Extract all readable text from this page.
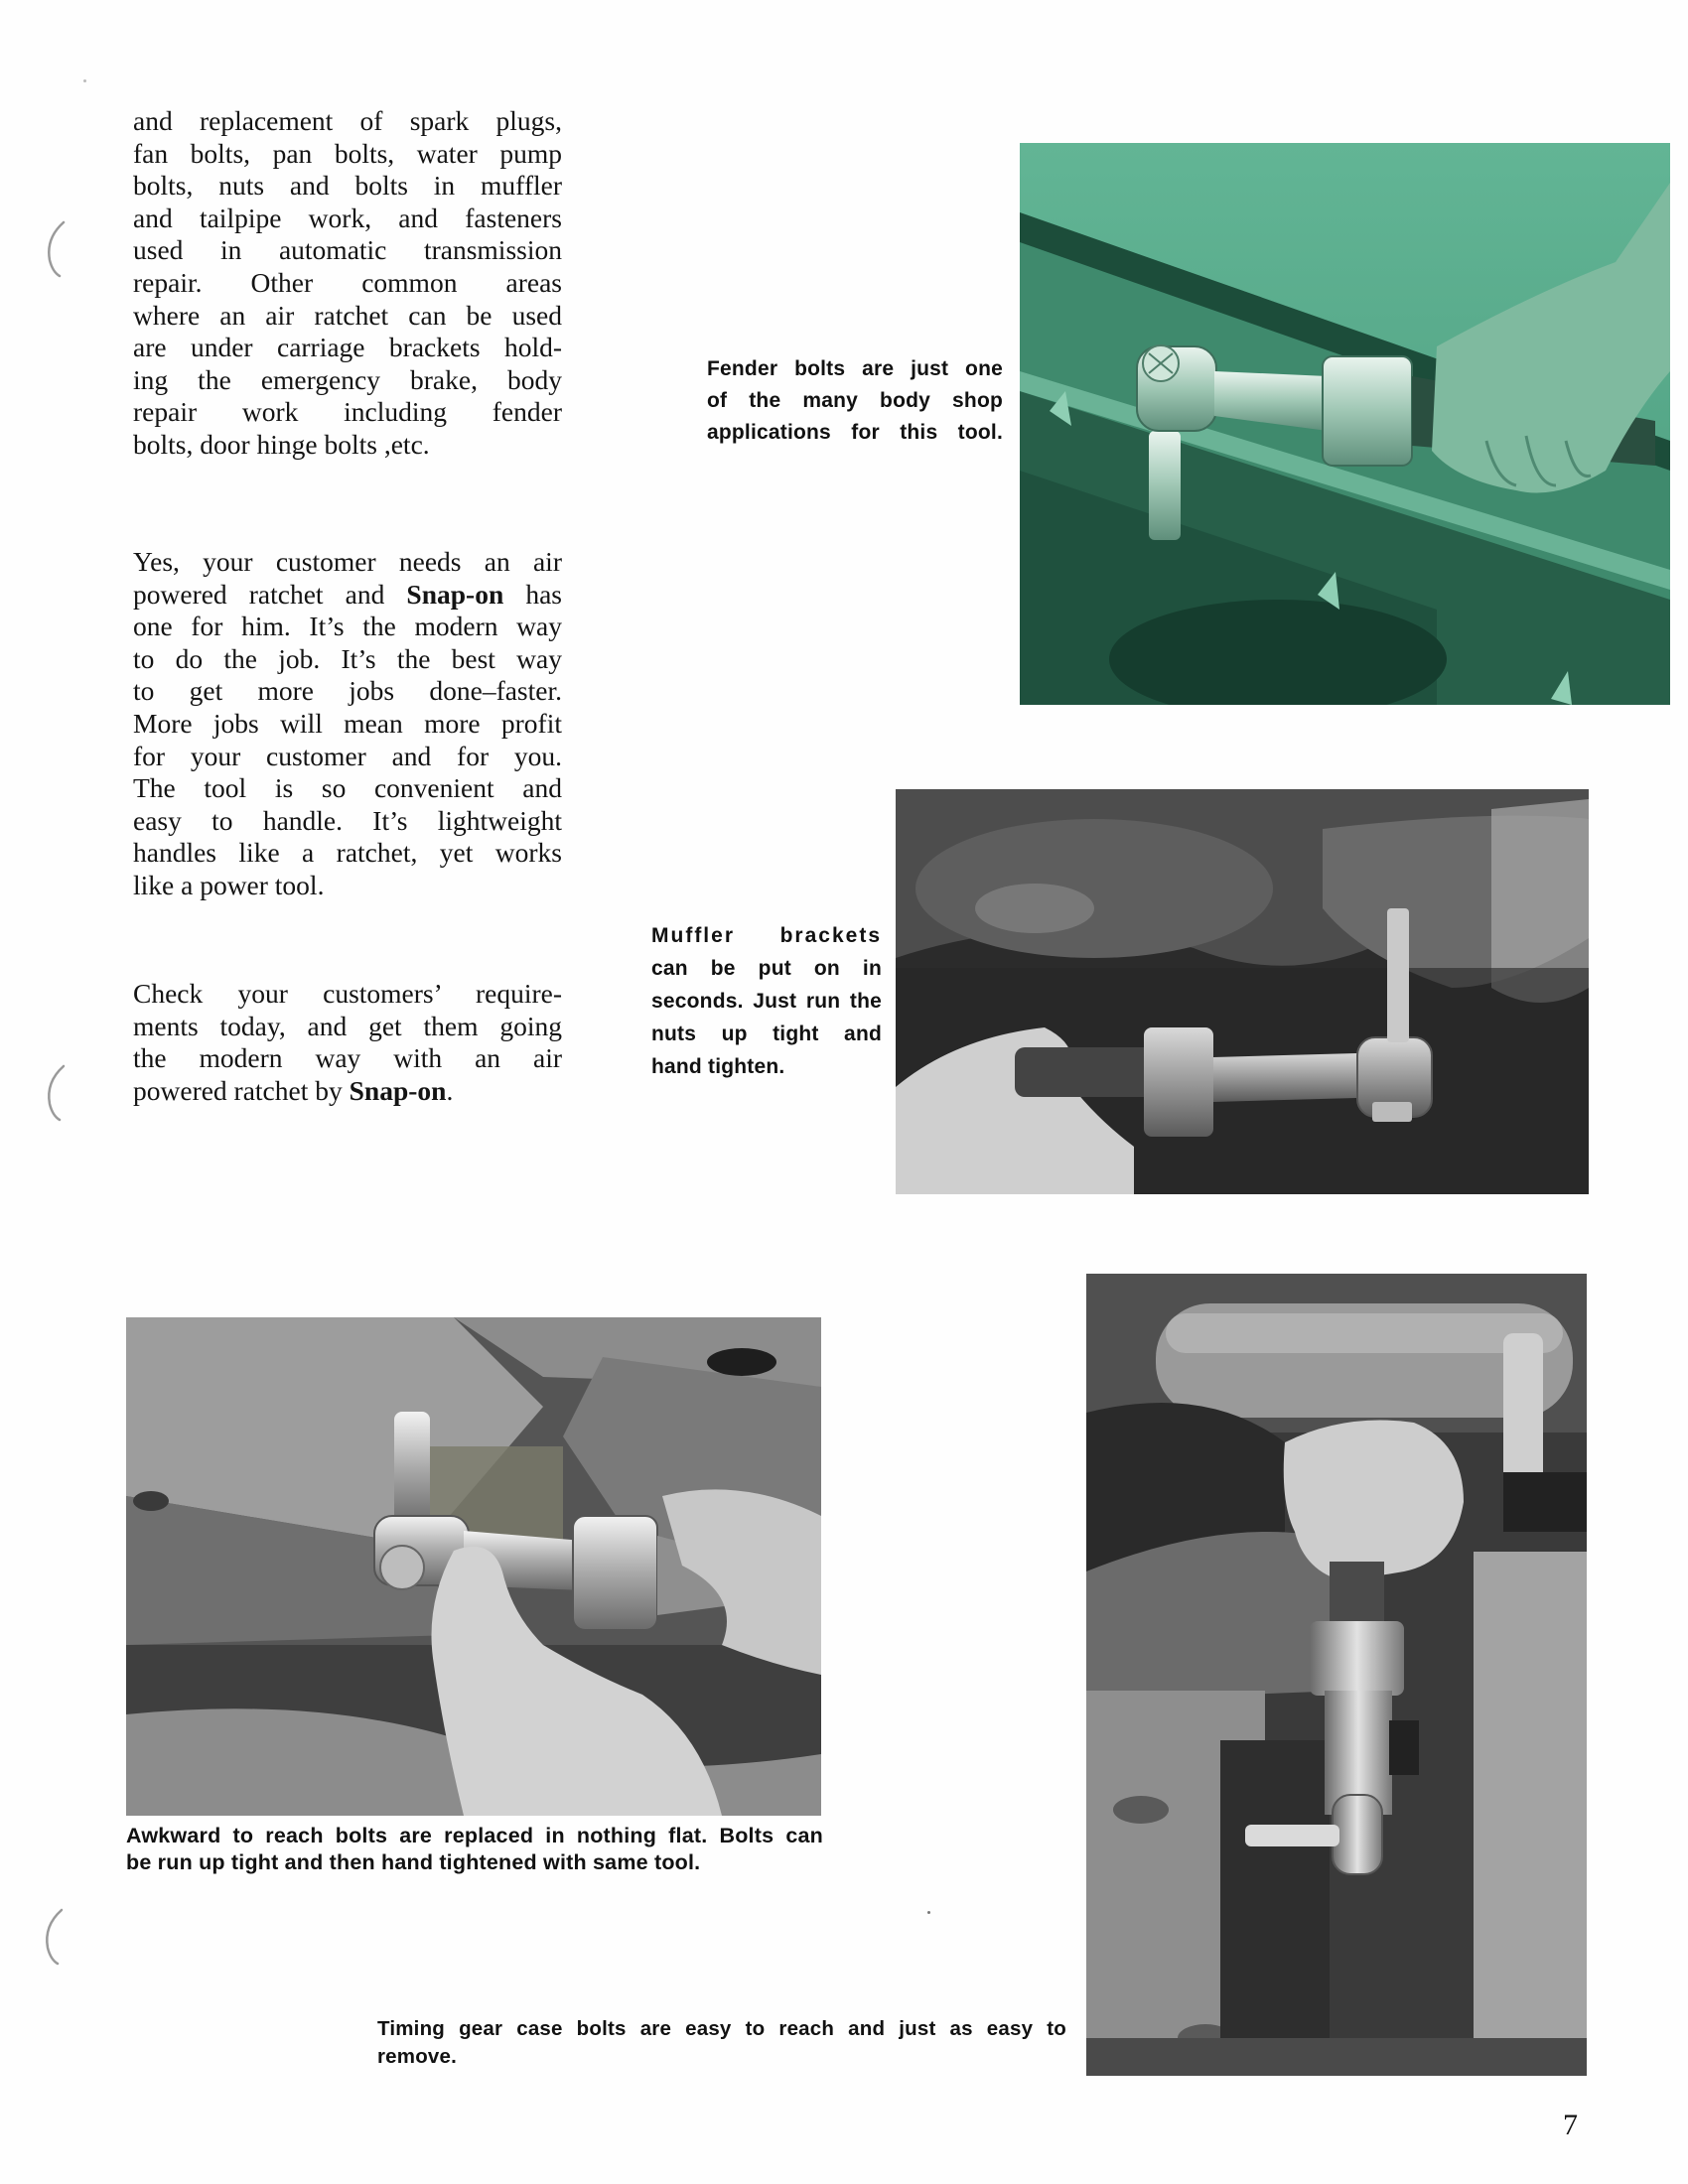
and replacement of spark plugs,
fan bolts, pan bolts, water pump
bolts, nuts and bolts in muffler
and tailpipe work, and fasteners
used in automatic transmission
repair. Other common areas
where an air ratchet can be used
are under carriage brackets hold-
ing the emergency brake, body
repair work including fender
bolts, door hinge bolts ,etc.
Yes, your customer needs an air
powered ratchet and Snap-on has
one for him. It’s the modern way
to do the job. It’s the best way
to get more jobs done–faster.
More jobs will mean more profit
for your customer and for you.
The tool is so convenient and
easy to handle. It’s lightweight
handles like a ratchet, yet works
like a power tool.
Check your customers’ require-
ments today, and get them going
the modern way with an air
powered ratchet by Snap-on.
Fender bolts are just one
of the many body shop
applications for this tool.
Muffler brackets
can be put on in
seconds. Just run the
nuts up tight and
hand tighten.
Awkward to reach bolts are replaced in nothing flat. Bolts can
be run up tight and then hand tightened with same tool.
Timing gear case bolts are easy to reach and just as easy to
remove.
7
